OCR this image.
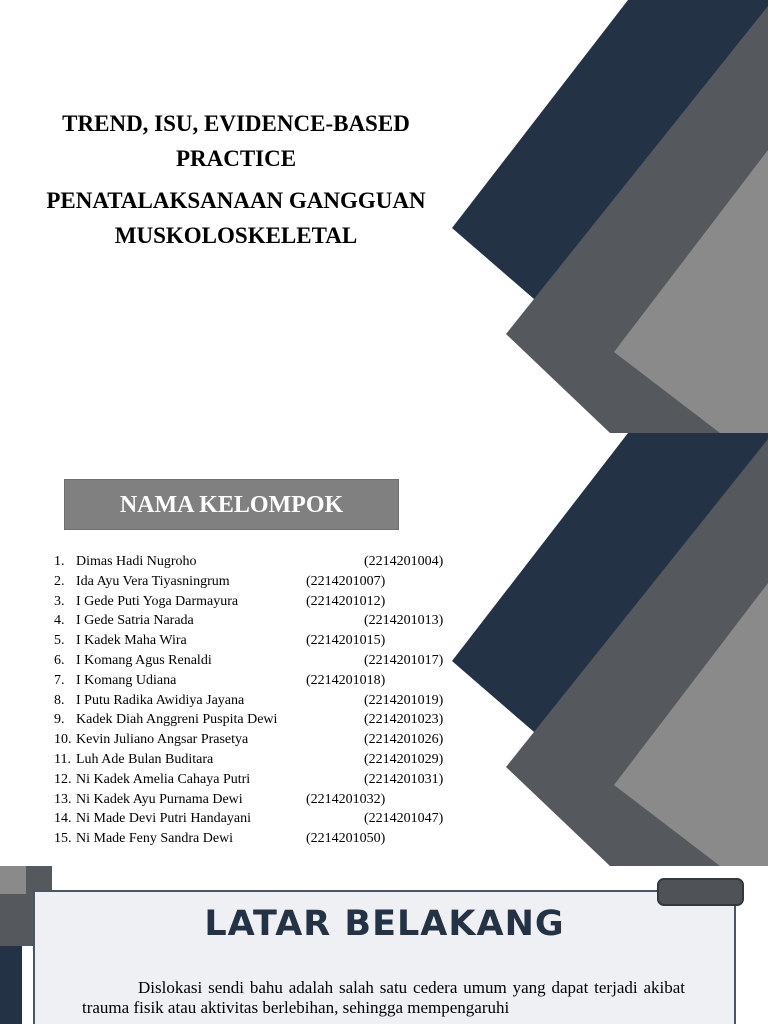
TREND, ISU, EVIDENCE-BASED PRACTICE
PENATALAKSANAAN GANGGUAN MUSKOLOSKELETAL
NAMA KELOMPOK
1. Dimas Hadi Nugroho	(2214201004)
2. Ida Ayu Vera Tiyasningrum	(2214201007)
3. I Gede Puti Yoga Darmayura	(2214201012)
4. I Gede Satria Narada	(2214201013)
5. I Kadek Maha Wira	(2214201015)
6. I Komang Agus Renaldi	(2214201017)
7. I Komang Udiana	(2214201018)
8. I Putu Radika Awidiya Jayana	(2214201019)
9. Kadek Diah Anggreni Puspita Dewi	(2214201023)
10. Kevin Juliano Angsar Prasetya	(2214201026)
11. Luh Ade Bulan Buditara	(2214201029)
12. Ni Kadek Amelia Cahaya Putri	(2214201031)
13. Ni Kadek Ayu Purnama Dewi	(2214201032)
14. Ni Made Devi Putri Handayani	(2214201047)
15. Ni Made Feny Sandra Dewi	(2214201050)
LATAR BELAKANG

Dislokasi sendi bahu adalah salah satu cedera umum yang dapat terjadi akibat trauma fisik atau aktivitas berlebihan, sehingga mempengaruhi
